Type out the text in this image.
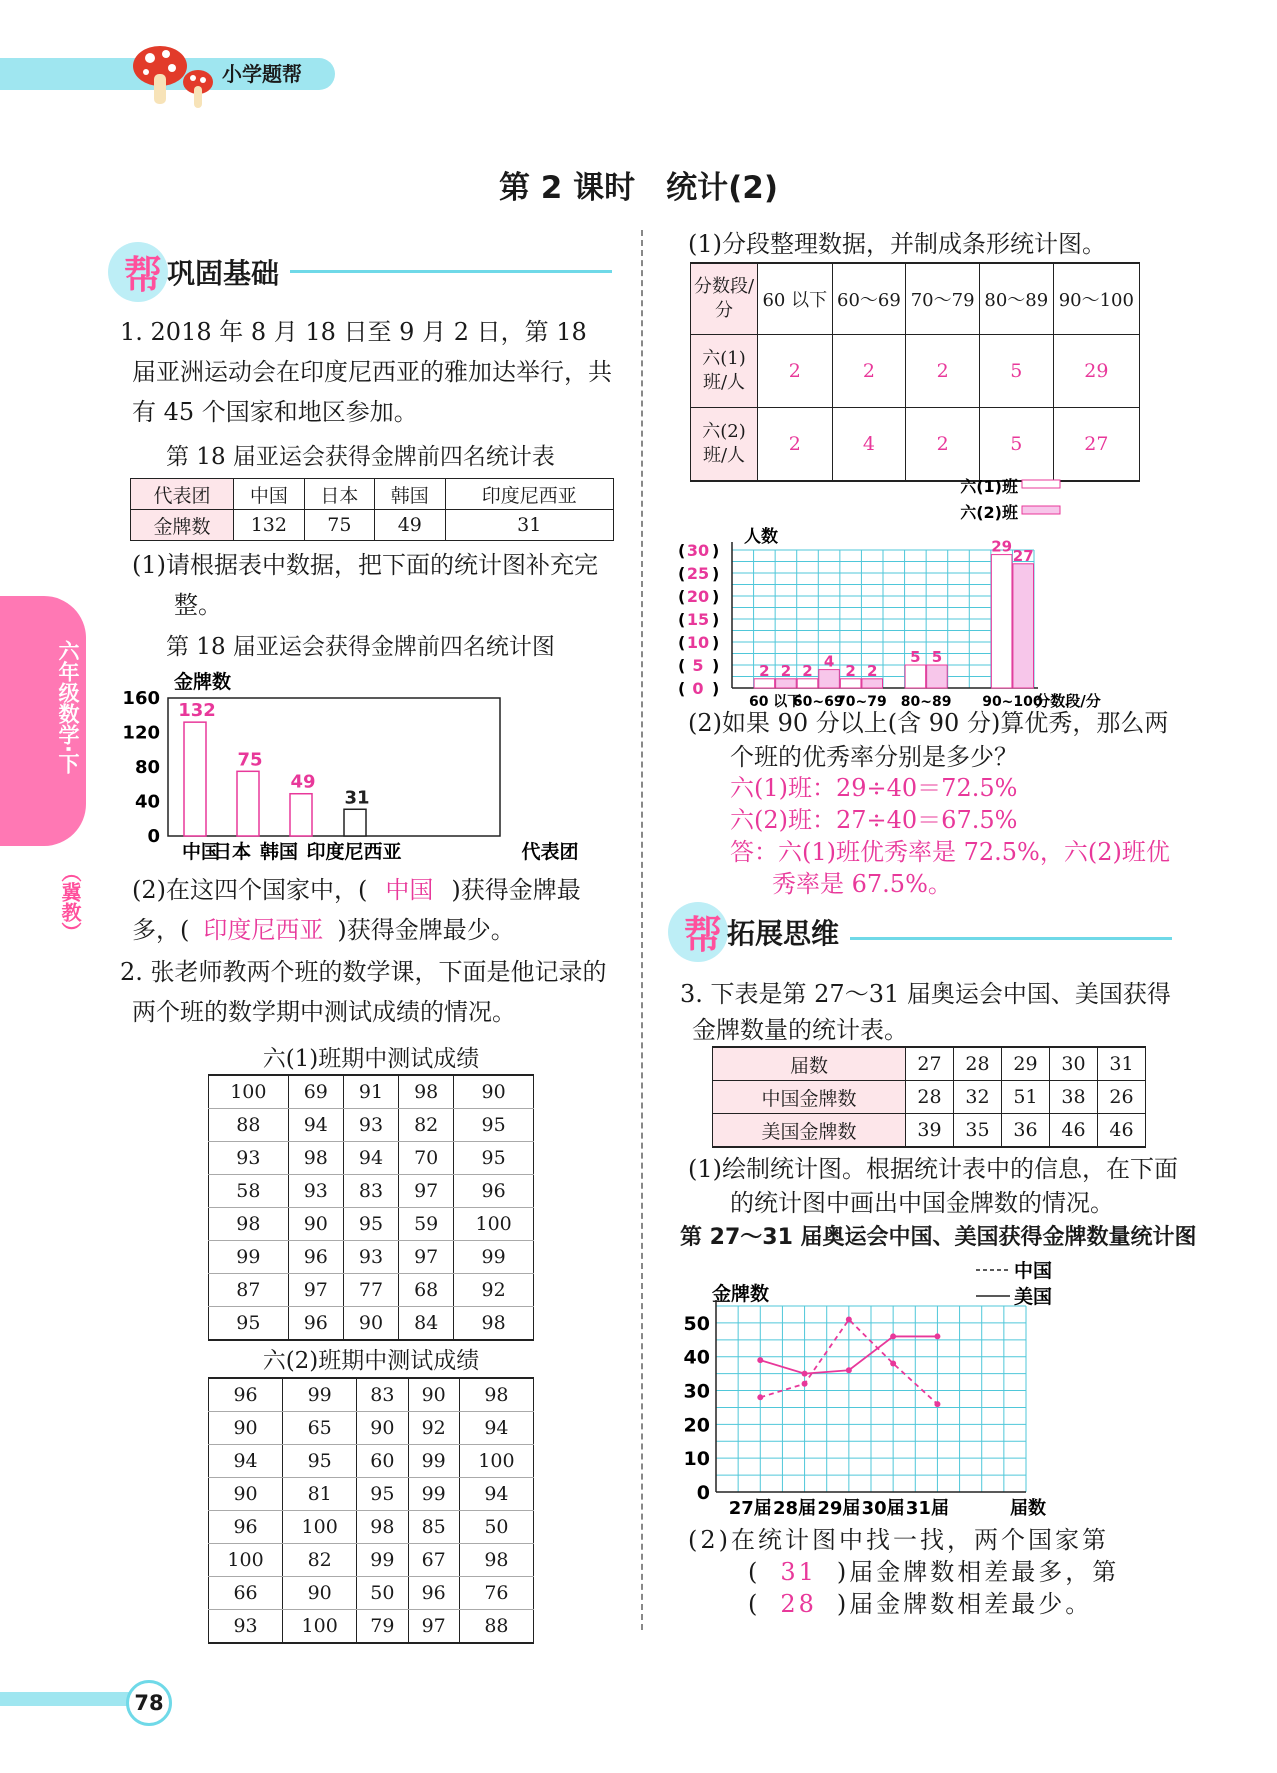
小学题帮
第 2 课时　统计(2)
六年级数学·下
（冀教）
帮 巩固基础
1. 2018 年 8 月 18 日至 9 月 2 日，第 18 届亚洲运动会在印度尼西亚的雅加达举行，共有 45 个国家和地区参加。
第 18 届亚运会获得金牌前四名统计表
代表团	中国	日本	韩国	印度尼西亚
金牌数	132	75	49	31
(1)请根据表中数据，把下面的统计图补充完整。
第 18 届亚运会获得金牌前四名统计图
金牌数
0
40
80
120
160
132
75
49
31
中国
日本 韩国 印度尼西亚	代表团
(2)在这四个国家中，( 中国 )获得金牌最多，( 印度尼西亚 )获得金牌最少。
2. 张老师教两个班的数学课，下面是他记录的两个班的数学期中测试成绩的情况。
六(1)班期中测试成绩
100	69	91	98	90
88	94	93	82	95
93	98	94	70	95
58	93	83	97	96
98	90	95	59	100
99	96	93	97	99
87	97	77	68	92
95	96	90	84	98
六(2)班期中测试成绩
96	99	83	90	98
90	65	90	92	94
94	95	60	99	100
90	81	95	99	94
96	100	98	85	50
100	82	99	67	98
66	90	50	96	76
93	100	79	97	88
(1)分段整理数据，并制成条形统计图。
分数段/分	60 以下	60～69	70～79	80～89	90～100
六(1)班/人	2	2	2	5	29
六(2)班/人	2	4	2	5	27
六(1)班
六(2)班
人数
( 0 )
( 5 )
( 10 )
( 15 )
( 20 )
( 25 )
( 30 )
2 2
60 以下
2
4
60~69
2 2
70~79
5 5
80~89
29
27
90~100
分数段/分
(2)如果 90 分以上(含 90 分)算优秀，那么两个班的优秀率分别是多少？
六(1)班：29÷40＝72.5%
六(2)班：27÷40＝67.5%
答：六(1)班优秀率是 72.5%，六(2)班优秀率是 67.5%。
帮 拓展思维
3. 下表是第 27～31 届奥运会中国、美国获得金牌数量的统计表。
届数	27	28	29	30	31
中国金牌数	28	32	51	38	26
美国金牌数	39	35	36	46	46
(1)绘制统计图。根据统计表中的信息，在下面的统计图中画出中国金牌数的情况。
第 27～31 届奥运会中国、美国获得金牌数量统计图
中国
美国
金牌数
0
10
20
30
40
50
27届 28届 29届 30届 31届	届数
(2)在统计图中找一找，两个国家第( 31 )届金牌数相差最多，第( 28 )届金牌数相差最少。
78
